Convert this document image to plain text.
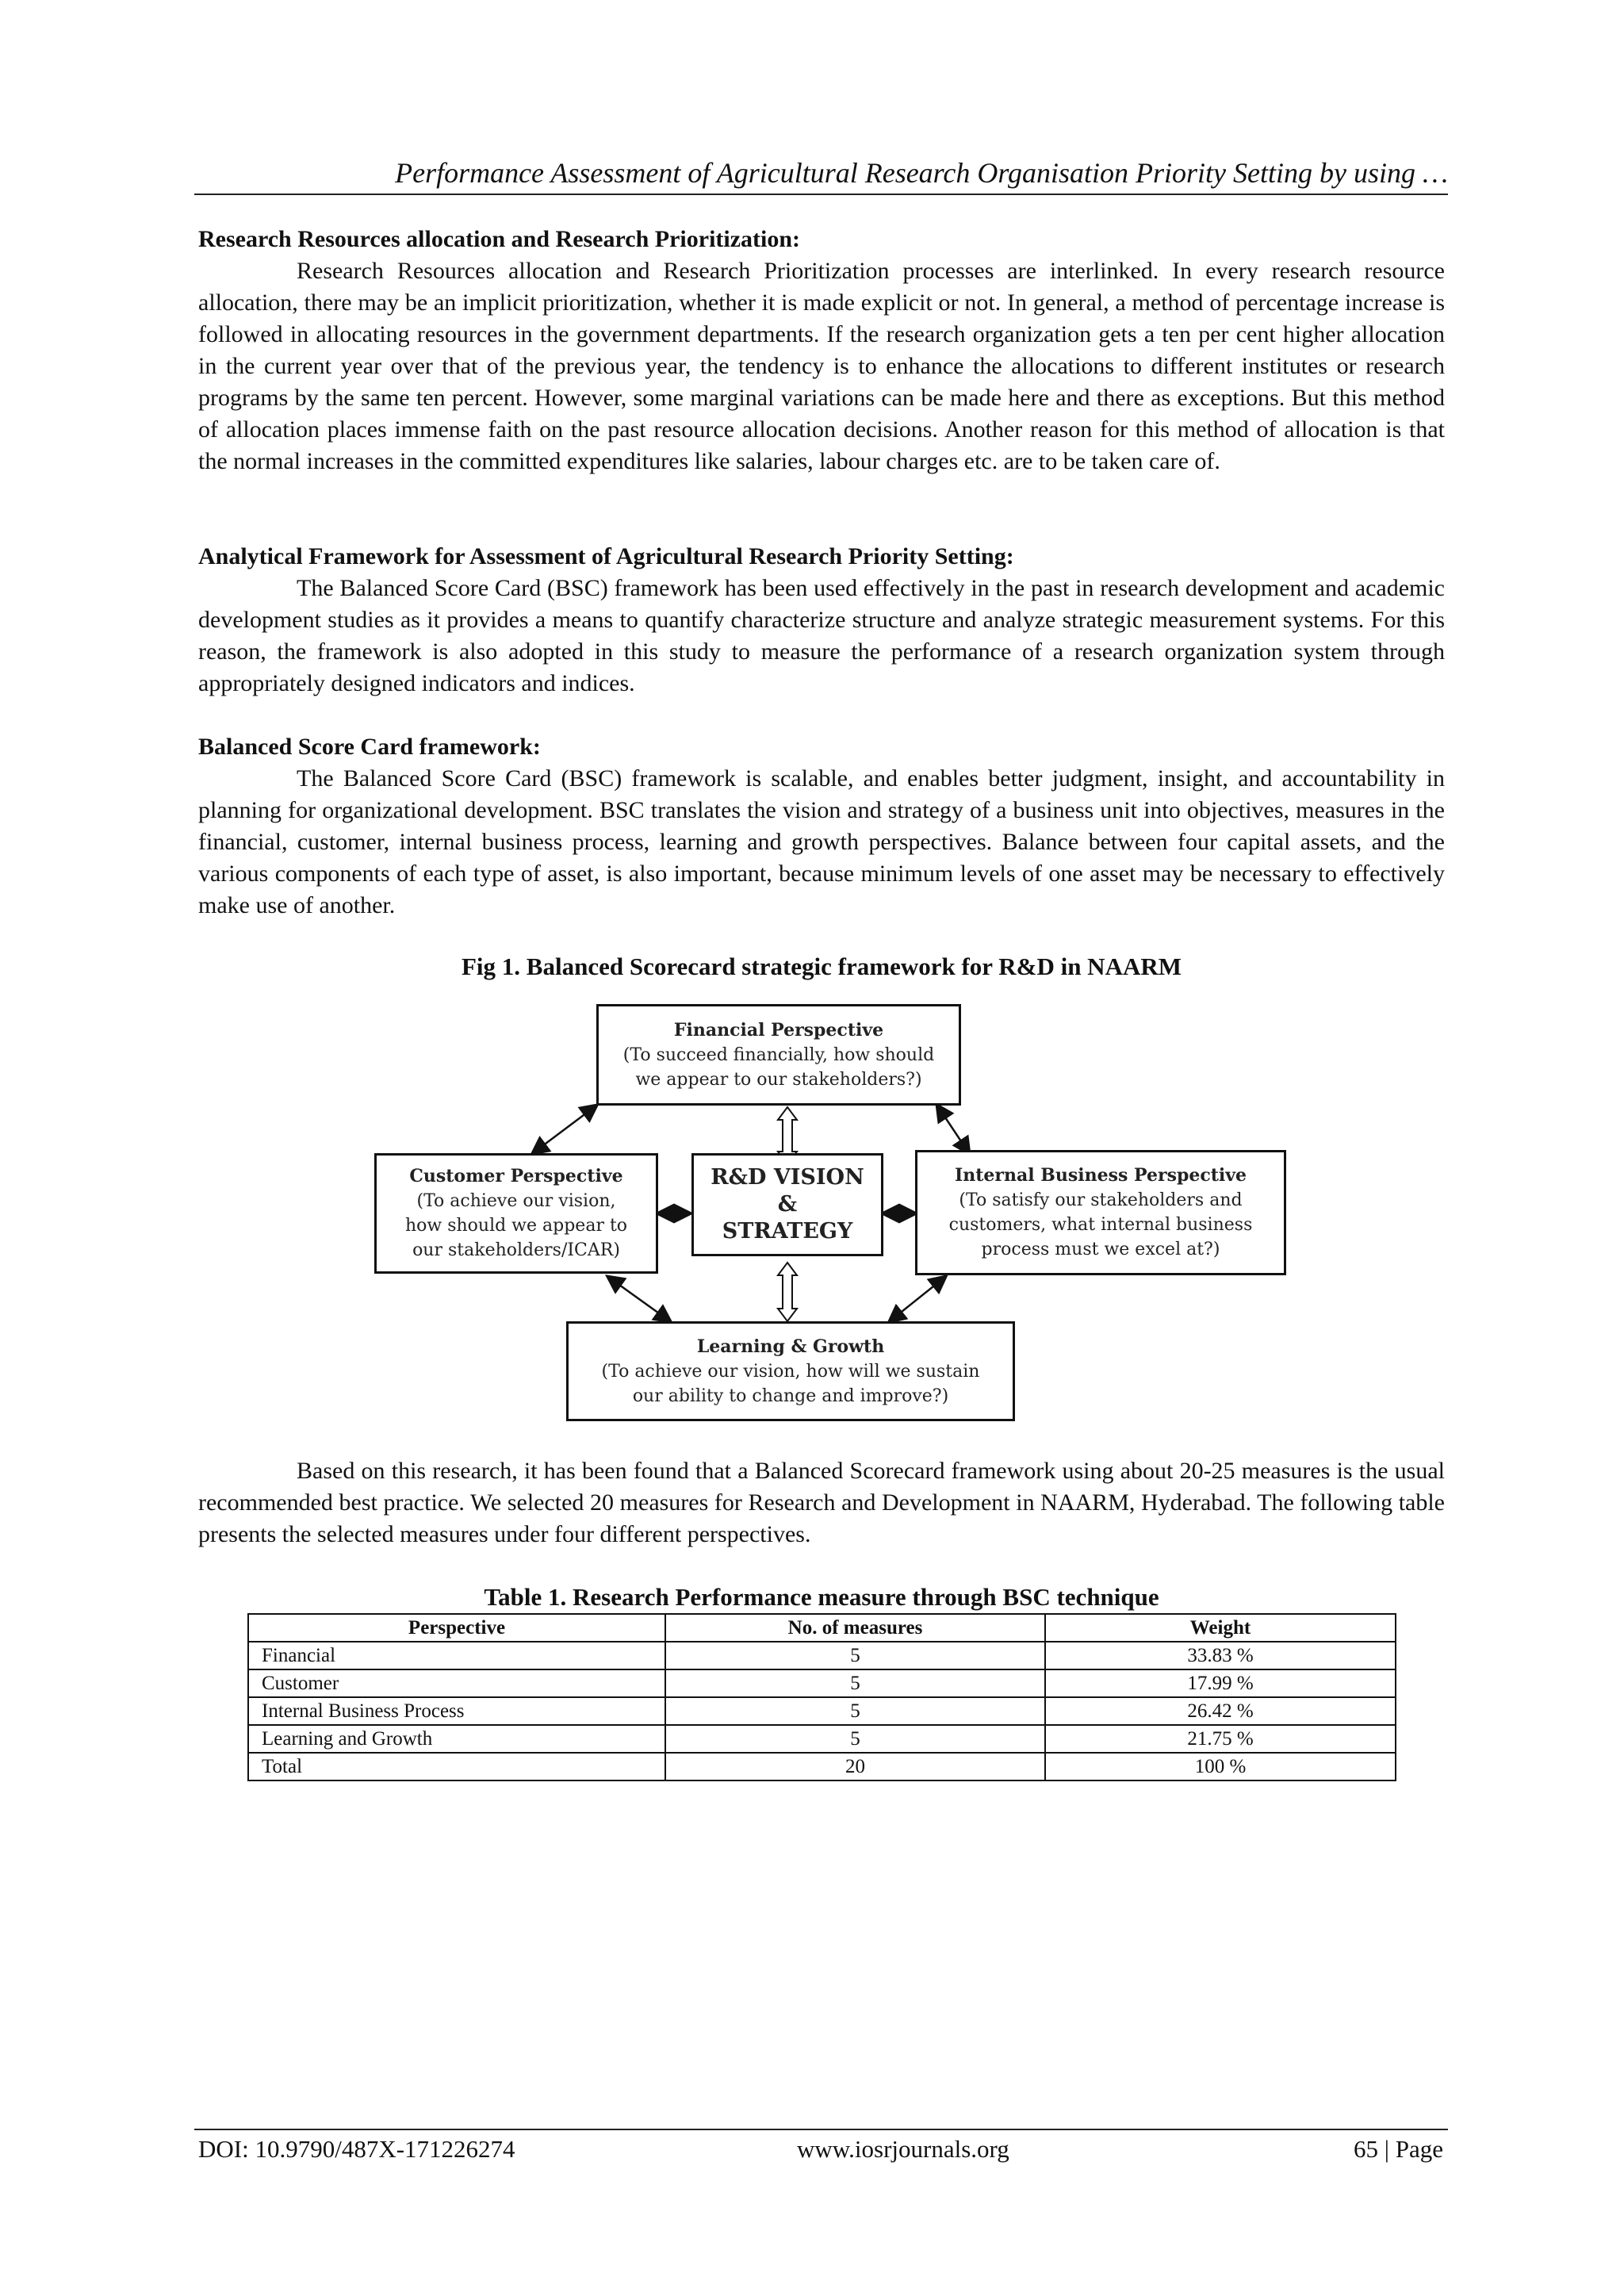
Performance Assessment of Agricultural Research Organisation Priority Setting by using …
Research Resources allocation and Research Prioritization:

Research Resources allocation and Research Prioritization processes are interlinked. In every research resource allocation, there may be an implicit prioritization, whether it is made explicit or not. In general, a method of percentage increase is followed in allocating resources in the government departments. If the research organization gets a ten per cent higher allocation in the current year over that of the previous year, the tendency is to enhance the allocations to different institutes or research programs by the same ten percent. However, some marginal variations can be made here and there as exceptions. But this method of allocation places immense faith on the past resource allocation decisions. Another reason for this method of allocation is that the normal increases in the committed expenditures like salaries, labour charges etc. are to be taken care of.

Analytical Framework for Assessment of Agricultural Research Priority Setting:

The Balanced Score Card (BSC) framework has been used effectively in the past in research development and academic development studies as it provides a means to quantify characterize structure and analyze strategic measurement systems. For this reason, the framework is also adopted in this study to measure the performance of a research organization system through appropriately designed indicators and indices.

Balanced Score Card framework:

The Balanced Score Card (BSC) framework is scalable, and enables better judgment, insight, and accountability in planning for organizational development. BSC translates the vision and strategy of a business unit into objectives, measures in the financial, customer, internal business process, learning and growth perspectives. Balance between four capital assets, and the various components of each type of asset, is also important, because minimum levels of one asset may be necessary to effectively make use of another.

Fig 1. Balanced Scorecard strategic framework for R&D in NAARM
Financial Perspective
(To succeed financially, how should
we appear to our stakeholders?)
Customer Perspective
(To achieve our vision,
how should we appear to
our stakeholders/ICAR)
R&D VISION
&
STRATEGY
Internal Business Perspective
(To satisfy our stakeholders and
customers, what internal business
process must we excel at?)
Learning & Growth
(To achieve our vision, how will we sustain
our ability to change and improve?)

Based on this research, it has been found that a Balanced Scorecard framework using about 20-25 measures is the usual recommended best practice. We selected 20 measures for Research and Development in NAARM, Hyderabad. The following table presents the selected measures under four different perspectives.

Table 1. Research Performance measure through BSC technique
Perspective	No. of measures	Weight
Financial	5	33.83 %
Customer	5	17.99 %
Internal Business Process	5	26.42 %
Learning and Growth	5	21.75 %
Total	20	100 %
DOI: 10.9790/487X-171226274	www.iosrjournals.org	65 | Page
